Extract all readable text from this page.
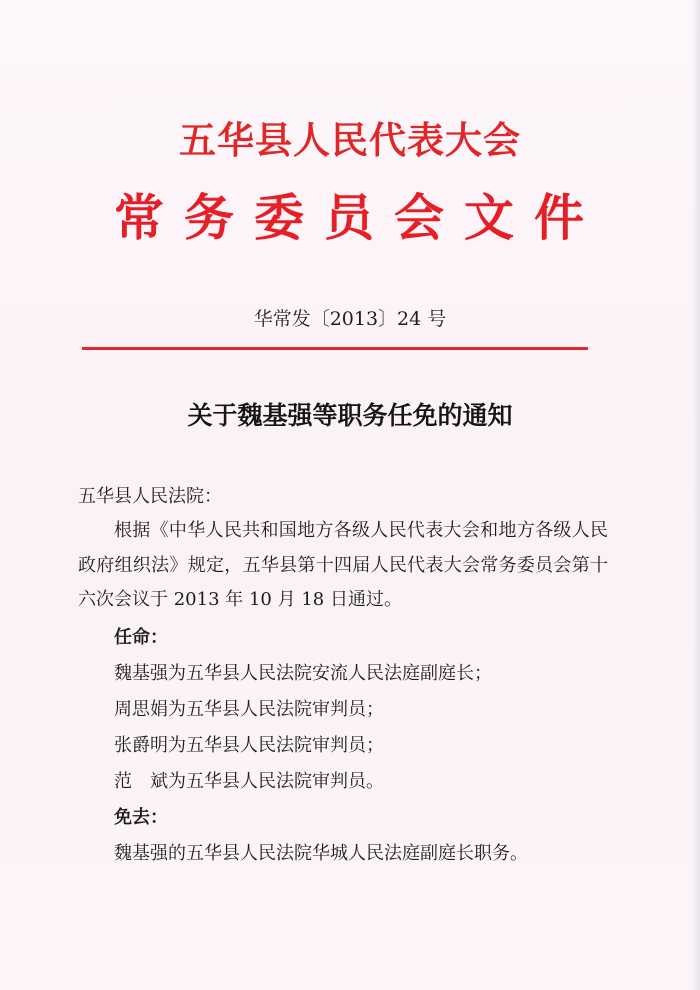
五华县人民代表大会
常务委员会文件
华常发〔2013〕24 号
关于魏基强等职务任免的通知

五华县人民法院：

根据《中华人民共和国地方各级人民代表大会和地方各级人民政府组织法》规定，五华县第十四届人民代表大会常务委员会第十六次会议于 2013 年 10 月 18 日通过。

任命：

魏基强为五华县人民法院安流人民法庭副庭长；

周思娟为五华县人民法院审判员；

张爵明为五华县人民法院审判员；

范　斌为五华县人民法院审判员。

免去：

魏基强的五华县人民法院华城人民法庭副庭长职务。
